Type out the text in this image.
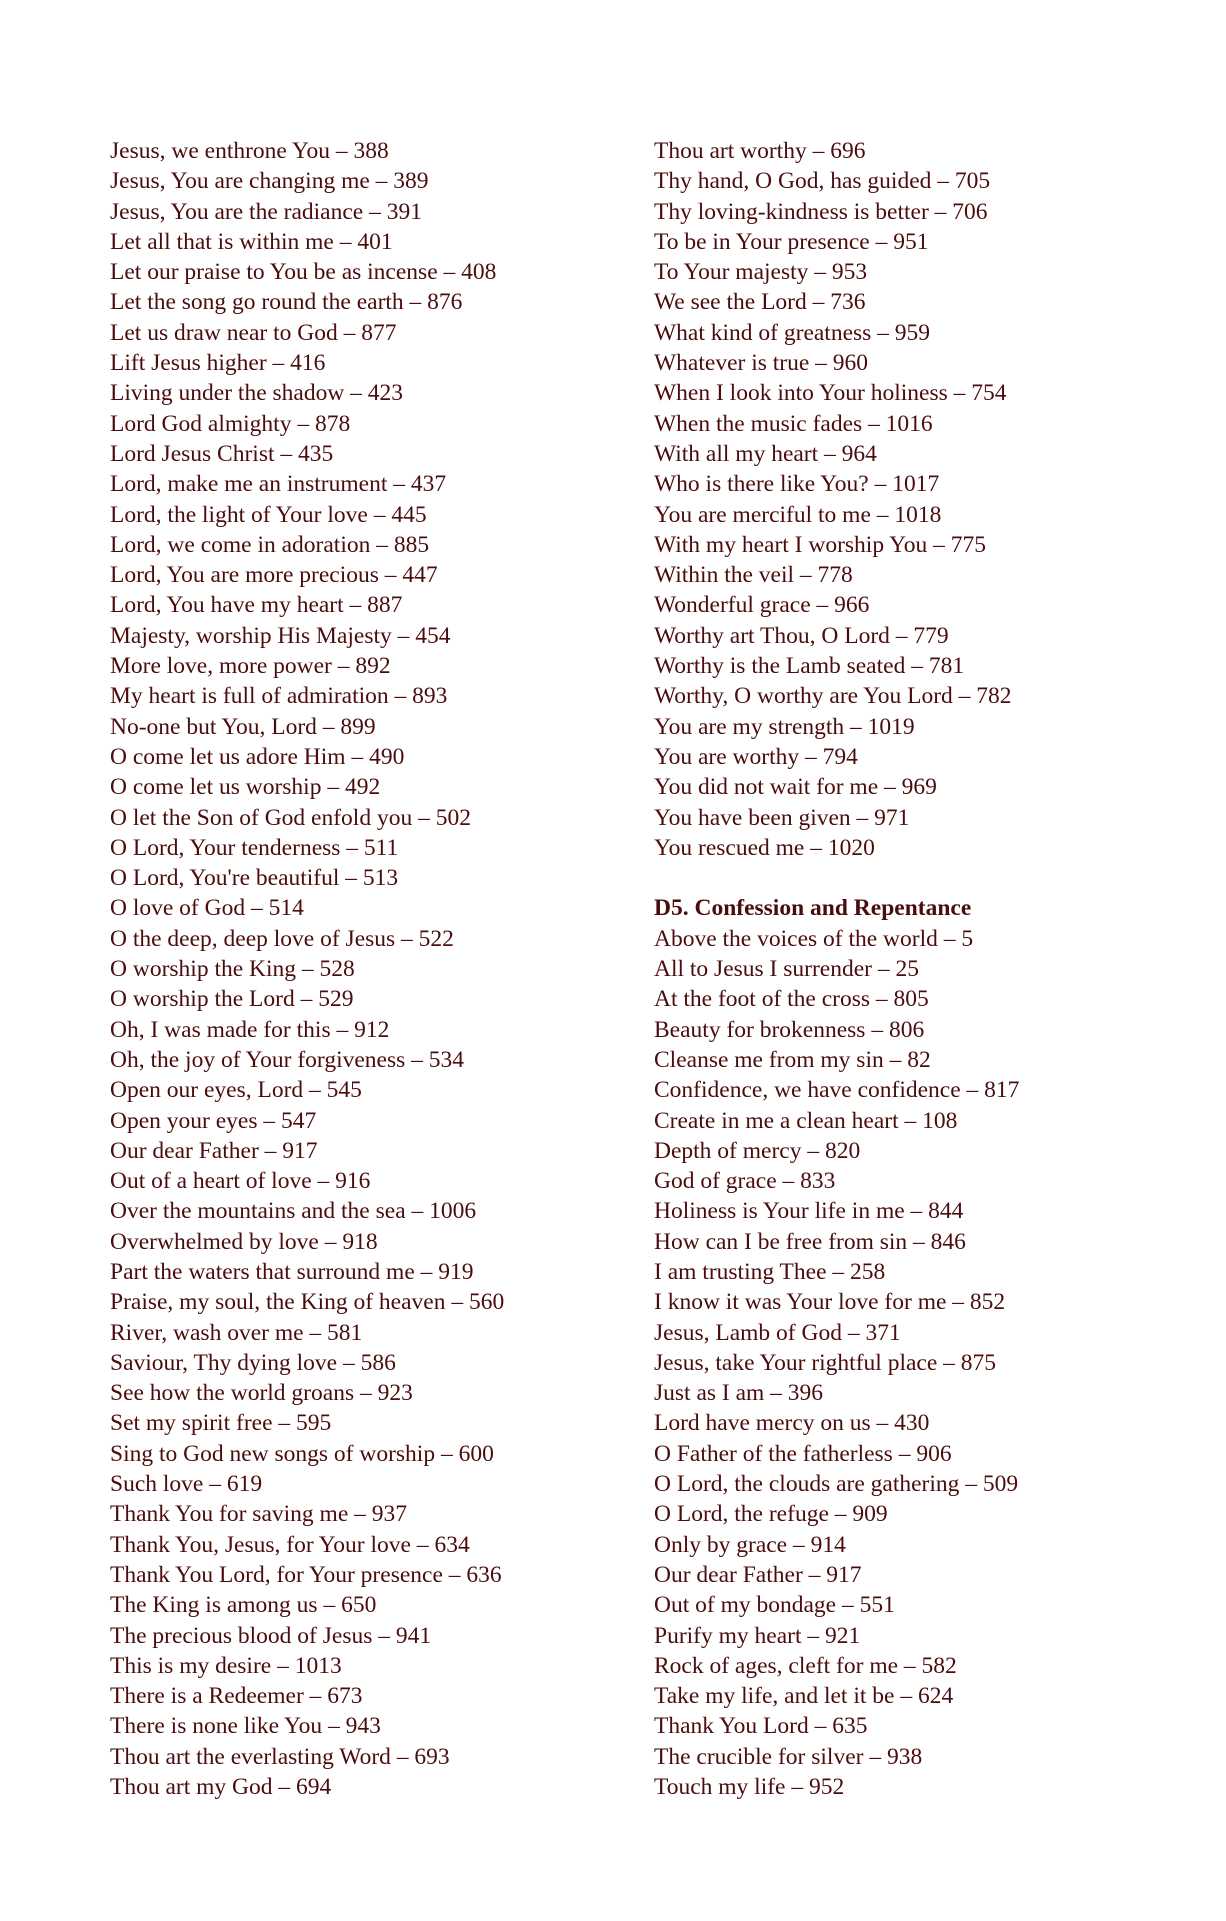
Jesus, we enthrone You – 388
Jesus, You are changing me – 389
Jesus, You are the radiance – 391
Let all that is within me – 401
Let our praise to You be as incense – 408
Let the song go round the earth – 876
Let us draw near to God – 877
Lift Jesus higher – 416
Living under the shadow – 423
Lord God almighty – 878
Lord Jesus Christ – 435
Lord, make me an instrument – 437
Lord, the light of Your love – 445
Lord, we come in adoration – 885
Lord, You are more precious – 447
Lord, You have my heart – 887
Majesty, worship His Majesty – 454
More love, more power – 892
My heart is full of admiration – 893
No-one but You, Lord – 899
O come let us adore Him – 490
O come let us worship – 492
O let the Son of God enfold you – 502
O Lord, Your tenderness – 511
O Lord, You're beautiful – 513
O love of God – 514
O the deep, deep love of Jesus – 522
O worship the King – 528
O worship the Lord – 529
Oh, I was made for this – 912
Oh, the joy of Your forgiveness – 534
Open our eyes, Lord – 545
Open your eyes – 547
Our dear Father – 917
Out of a heart of love – 916
Over the mountains and the sea – 1006
Overwhelmed by love – 918
Part the waters that surround me – 919
Praise, my soul, the King of heaven – 560
River, wash over me – 581
Saviour, Thy dying love – 586
See how the world groans – 923
Set my spirit free – 595
Sing to God new songs of worship – 600
Such love – 619
Thank You for saving me – 937
Thank You, Jesus, for Your love – 634
Thank You Lord, for Your presence – 636
The King is among us – 650
The precious blood of Jesus – 941
This is my desire – 1013
There is a Redeemer – 673
There is none like You – 943
Thou art the everlasting Word – 693
Thou art my God – 694
Thou art worthy – 696
Thy hand, O God, has guided – 705
Thy loving-kindness is better – 706
To be in Your presence – 951
To Your majesty – 953
We see the Lord – 736
What kind of greatness – 959
Whatever is true – 960
When I look into Your holiness – 754
When the music fades – 1016
With all my heart – 964
Who is there like You? – 1017
You are merciful to me – 1018
With my heart I worship You – 775
Within the veil – 778
Wonderful grace – 966
Worthy art Thou, O Lord – 779
Worthy is the Lamb seated – 781
Worthy, O worthy are You Lord – 782
You are my strength – 1019
You are worthy – 794
You did not wait for me – 969
You have been given – 971
You rescued me – 1020
D5. Confession and Repentance
Above the voices of the world – 5
All to Jesus I surrender – 25
At the foot of the cross – 805
Beauty for brokenness – 806
Cleanse me from my sin – 82
Confidence, we have confidence – 817
Create in me a clean heart – 108
Depth of mercy – 820
God of grace – 833
Holiness is Your life in me – 844
How can I be free from sin – 846
I am trusting Thee – 258
I know it was Your love for me – 852
Jesus, Lamb of God – 371
Jesus, take Your rightful place – 875
Just as I am – 396
Lord have mercy on us – 430
O Father of the fatherless – 906
O Lord, the clouds are gathering – 509
O Lord, the refuge – 909
Only by grace – 914
Our dear Father – 917
Out of my bondage – 551
Purify my heart – 921
Rock of ages, cleft for me – 582
Take my life, and let it be – 624
Thank You Lord – 635
The crucible for silver – 938
Touch my life – 952
